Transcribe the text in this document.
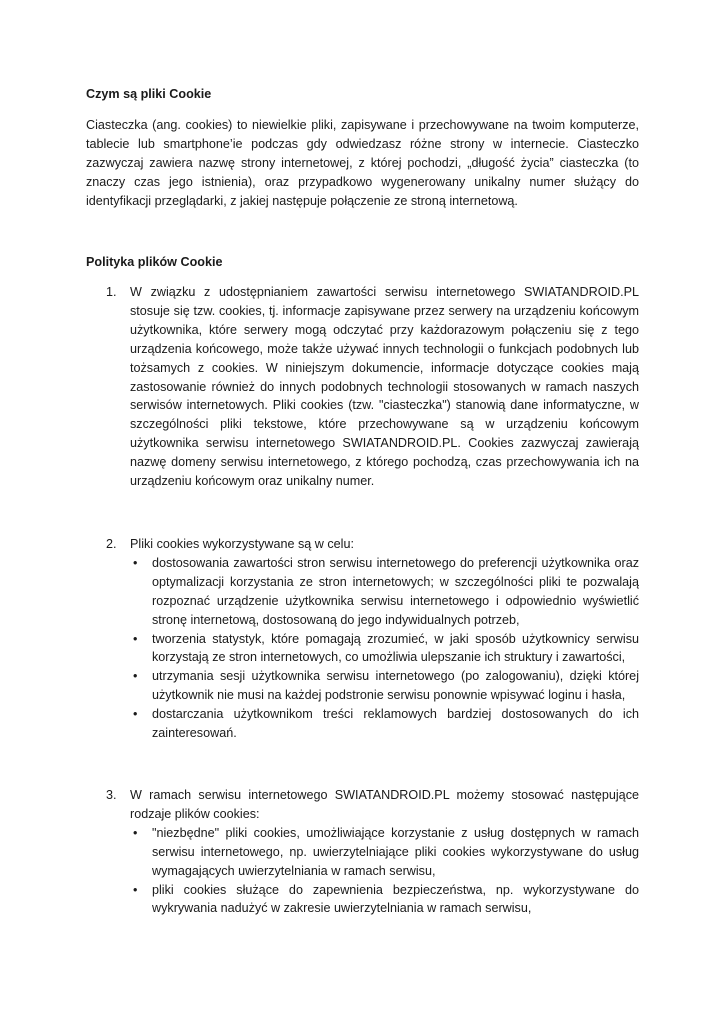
Czym są pliki Cookie

Ciasteczka (ang. cookies) to niewielkie pliki, zapisywane i przechowywane na twoim komputerze, tablecie lub smartphone’ie podczas gdy odwiedzasz różne strony w internecie. Ciasteczko zazwyczaj zawiera nazwę strony internetowej, z której pochodzi, „długość życia” ciasteczka (to znaczy czas jego istnienia), oraz przypadkowo wygenerowany unikalny numer służący do identyfikacji przeglądarki, z jakiej następuje połączenie ze stroną internetową.

Polityka plików Cookie

1. W związku z udostępnianiem zawartości serwisu internetowego SWIATANDROID.PL stosuje się tzw. cookies, tj. informacje zapisywane przez serwery na urządzeniu końcowym użytkownika, które serwery mogą odczytać przy każdorazowym połączeniu się z tego urządzenia końcowego, może także używać innych technologii o funkcjach podobnych lub tożsamych z cookies. W niniejszym dokumencie, informacje dotyczące cookies mają zastosowanie również do innych podobnych technologii stosowanych w ramach naszych serwisów internetowych. Pliki cookies (tzw. "ciasteczka") stanowią dane informatyczne, w szczególności pliki tekstowe, które przechowywane są w urządzeniu końcowym użytkownika serwisu internetowego SWIATANDROID.PL. Cookies zazwyczaj zawierają nazwę domeny serwisu internetowego, z którego pochodzą, czas przechowywania ich na urządzeniu końcowym oraz unikalny numer.

2. Pliki cookies wykorzystywane są w celu:

• dostosowania zawartości stron serwisu internetowego do preferencji użytkownika oraz optymalizacji korzystania ze stron internetowych; w szczególności pliki te pozwalają rozpoznać urządzenie użytkownika serwisu internetowego i odpowiednio wyświetlić stronę internetową, dostosowaną do jego indywidualnych potrzeb,
• tworzenia statystyk, które pomagają zrozumieć, w jaki sposób użytkownicy serwisu korzystają ze stron internetowych, co umożliwia ulepszanie ich struktury i zawartości,
• utrzymania sesji użytkownika serwisu internetowego (po zalogowaniu), dzięki której użytkownik nie musi na każdej podstronie serwisu ponownie wpisywać loginu i hasła,
• dostarczania użytkownikom treści reklamowych bardziej dostosowanych do ich zainteresowań.
3. W ramach serwisu internetowego SWIATANDROID.PL możemy stosować następujące rodzaje plików cookies:

• "niezbędne" pliki cookies, umożliwiające korzystanie z usług dostępnych w ramach serwisu internetowego, np. uwierzytelniające pliki cookies wykorzystywane do usług wymagających uwierzytelniania w ramach serwisu,
• pliki cookies służące do zapewnienia bezpieczeństwa, np. wykorzystywane do wykrywania nadużyć w zakresie uwierzytelniania w ramach serwisu,
